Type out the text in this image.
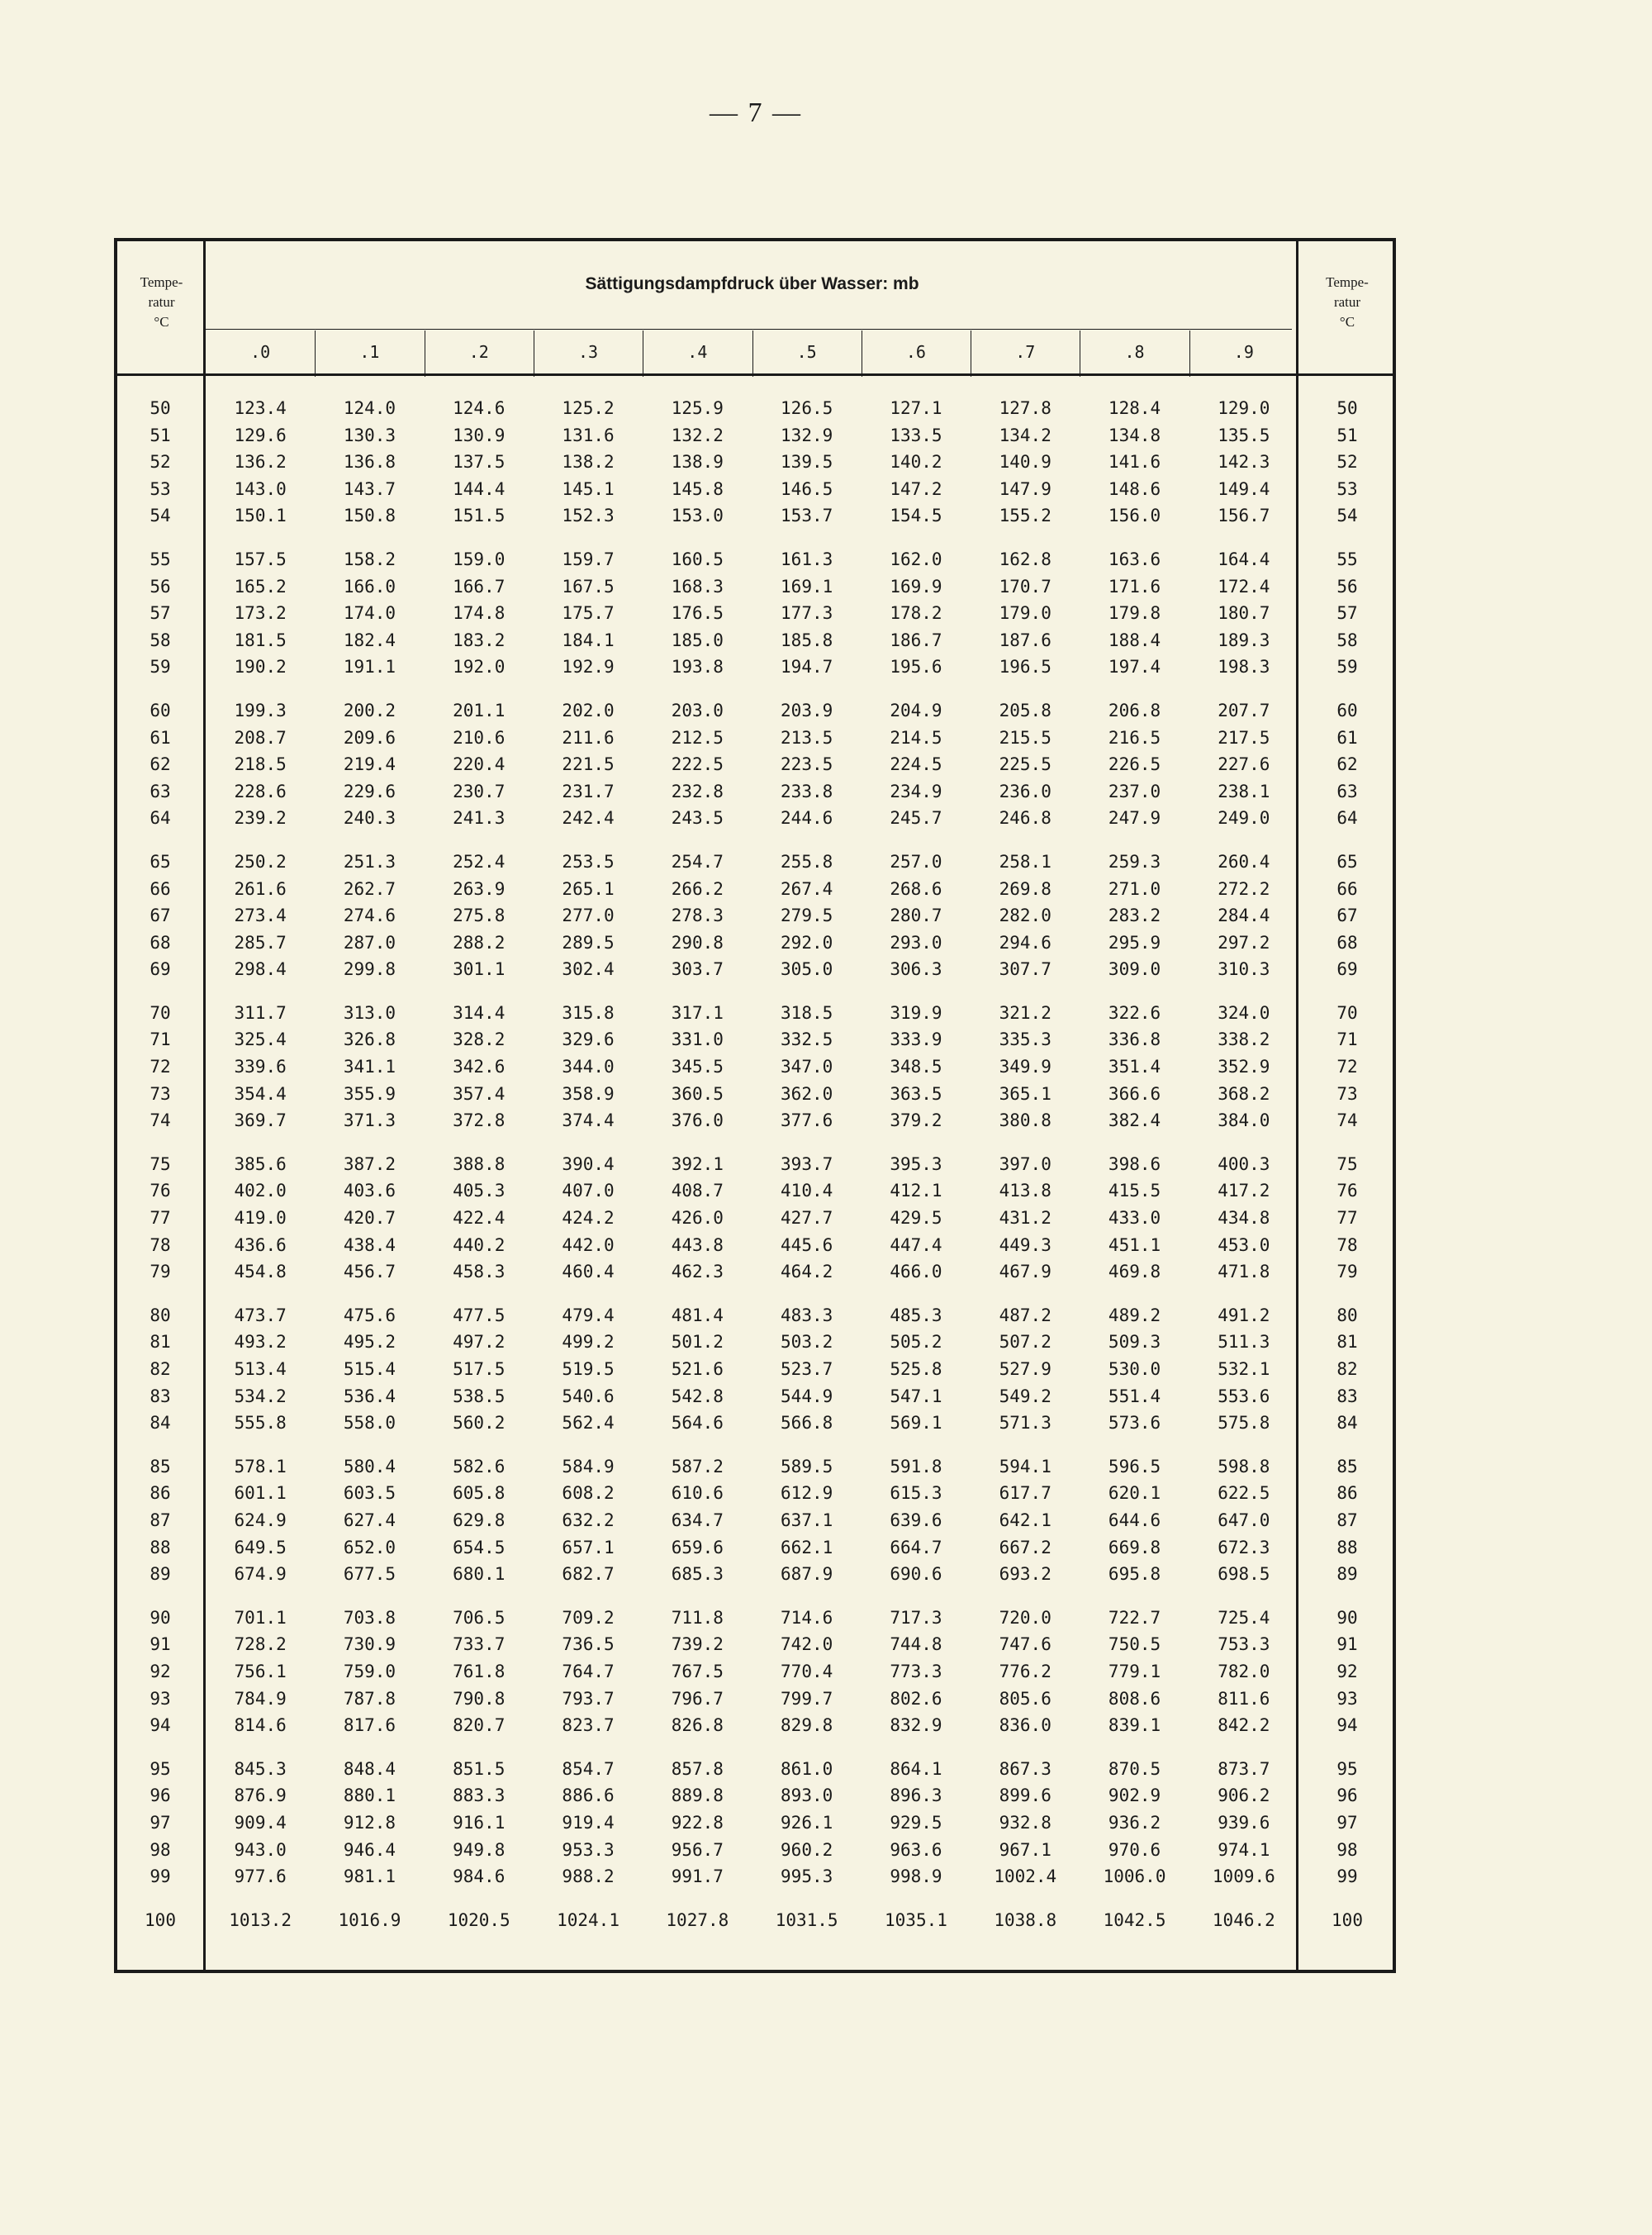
— 7 —
Tempe-
ratur
°C
Sättigungsdampfdruck über Wasser: mb	Tempe-
ratur
°C
.0	.1	.2	.3	.4	.5	.6	.7	.8	.9
50	123.4	124.0	124.6	125.2	125.9	126.5	127.1	127.8	128.4	129.0	50
51	129.6	130.3	130.9	131.6	132.2	132.9	133.5	134.2	134.8	135.5	51
52	136.2	136.8	137.5	138.2	138.9	139.5	140.2	140.9	141.6	142.3	52
53	143.0	143.7	144.4	145.1	145.8	146.5	147.2	147.9	148.6	149.4	53
54	150.1	150.8	151.5	152.3	153.0	153.7	154.5	155.2	156.0	156.7	54
55	157.5	158.2	159.0	159.7	160.5	161.3	162.0	162.8	163.6	164.4	55
56	165.2	166.0	166.7	167.5	168.3	169.1	169.9	170.7	171.6	172.4	56
57	173.2	174.0	174.8	175.7	176.5	177.3	178.2	179.0	179.8	180.7	57
58	181.5	182.4	183.2	184.1	185.0	185.8	186.7	187.6	188.4	189.3	58
59	190.2	191.1	192.0	192.9	193.8	194.7	195.6	196.5	197.4	198.3	59
60	199.3	200.2	201.1	202.0	203.0	203.9	204.9	205.8	206.8	207.7	60
61	208.7	209.6	210.6	211.6	212.5	213.5	214.5	215.5	216.5	217.5	61
62	218.5	219.4	220.4	221.5	222.5	223.5	224.5	225.5	226.5	227.6	62
63	228.6	229.6	230.7	231.7	232.8	233.8	234.9	236.0	237.0	238.1	63
64	239.2	240.3	241.3	242.4	243.5	244.6	245.7	246.8	247.9	249.0	64
65	250.2	251.3	252.4	253.5	254.7	255.8	257.0	258.1	259.3	260.4	65
66	261.6	262.7	263.9	265.1	266.2	267.4	268.6	269.8	271.0	272.2	66
67	273.4	274.6	275.8	277.0	278.3	279.5	280.7	282.0	283.2	284.4	67
68	285.7	287.0	288.2	289.5	290.8	292.0	293.0	294.6	295.9	297.2	68
69	298.4	299.8	301.1	302.4	303.7	305.0	306.3	307.7	309.0	310.3	69
70	311.7	313.0	314.4	315.8	317.1	318.5	319.9	321.2	322.6	324.0	70
71	325.4	326.8	328.2	329.6	331.0	332.5	333.9	335.3	336.8	338.2	71
72	339.6	341.1	342.6	344.0	345.5	347.0	348.5	349.9	351.4	352.9	72
73	354.4	355.9	357.4	358.9	360.5	362.0	363.5	365.1	366.6	368.2	73
74	369.7	371.3	372.8	374.4	376.0	377.6	379.2	380.8	382.4	384.0	74
75	385.6	387.2	388.8	390.4	392.1	393.7	395.3	397.0	398.6	400.3	75
76	402.0	403.6	405.3	407.0	408.7	410.4	412.1	413.8	415.5	417.2	76
77	419.0	420.7	422.4	424.2	426.0	427.7	429.5	431.2	433.0	434.8	77
78	436.6	438.4	440.2	442.0	443.8	445.6	447.4	449.3	451.1	453.0	78
79	454.8	456.7	458.3	460.4	462.3	464.2	466.0	467.9	469.8	471.8	79
80	473.7	475.6	477.5	479.4	481.4	483.3	485.3	487.2	489.2	491.2	80
81	493.2	495.2	497.2	499.2	501.2	503.2	505.2	507.2	509.3	511.3	81
82	513.4	515.4	517.5	519.5	521.6	523.7	525.8	527.9	530.0	532.1	82
83	534.2	536.4	538.5	540.6	542.8	544.9	547.1	549.2	551.4	553.6	83
84	555.8	558.0	560.2	562.4	564.6	566.8	569.1	571.3	573.6	575.8	84
85	578.1	580.4	582.6	584.9	587.2	589.5	591.8	594.1	596.5	598.8	85
86	601.1	603.5	605.8	608.2	610.6	612.9	615.3	617.7	620.1	622.5	86
87	624.9	627.4	629.8	632.2	634.7	637.1	639.6	642.1	644.6	647.0	87
88	649.5	652.0	654.5	657.1	659.6	662.1	664.7	667.2	669.8	672.3	88
89	674.9	677.5	680.1	682.7	685.3	687.9	690.6	693.2	695.8	698.5	89
90	701.1	703.8	706.5	709.2	711.8	714.6	717.3	720.0	722.7	725.4	90
91	728.2	730.9	733.7	736.5	739.2	742.0	744.8	747.6	750.5	753.3	91
92	756.1	759.0	761.8	764.7	767.5	770.4	773.3	776.2	779.1	782.0	92
93	784.9	787.8	790.8	793.7	796.7	799.7	802.6	805.6	808.6	811.6	93
94	814.6	817.6	820.7	823.7	826.8	829.8	832.9	836.0	839.1	842.2	94
95	845.3	848.4	851.5	854.7	857.8	861.0	864.1	867.3	870.5	873.7	95
96	876.9	880.1	883.3	886.6	889.8	893.0	896.3	899.6	902.9	906.2	96
97	909.4	912.8	916.1	919.4	922.8	926.1	929.5	932.8	936.2	939.6	97
98	943.0	946.4	949.8	953.3	956.7	960.2	963.6	967.1	970.6	974.1	98
99	977.6	981.1	984.6	988.2	991.7	995.3	998.9	1002.4	1006.0	1009.6	99
100	1013.2	1016.9	1020.5	1024.1	1027.8	1031.5	1035.1	1038.8	1042.5	1046.2	100
